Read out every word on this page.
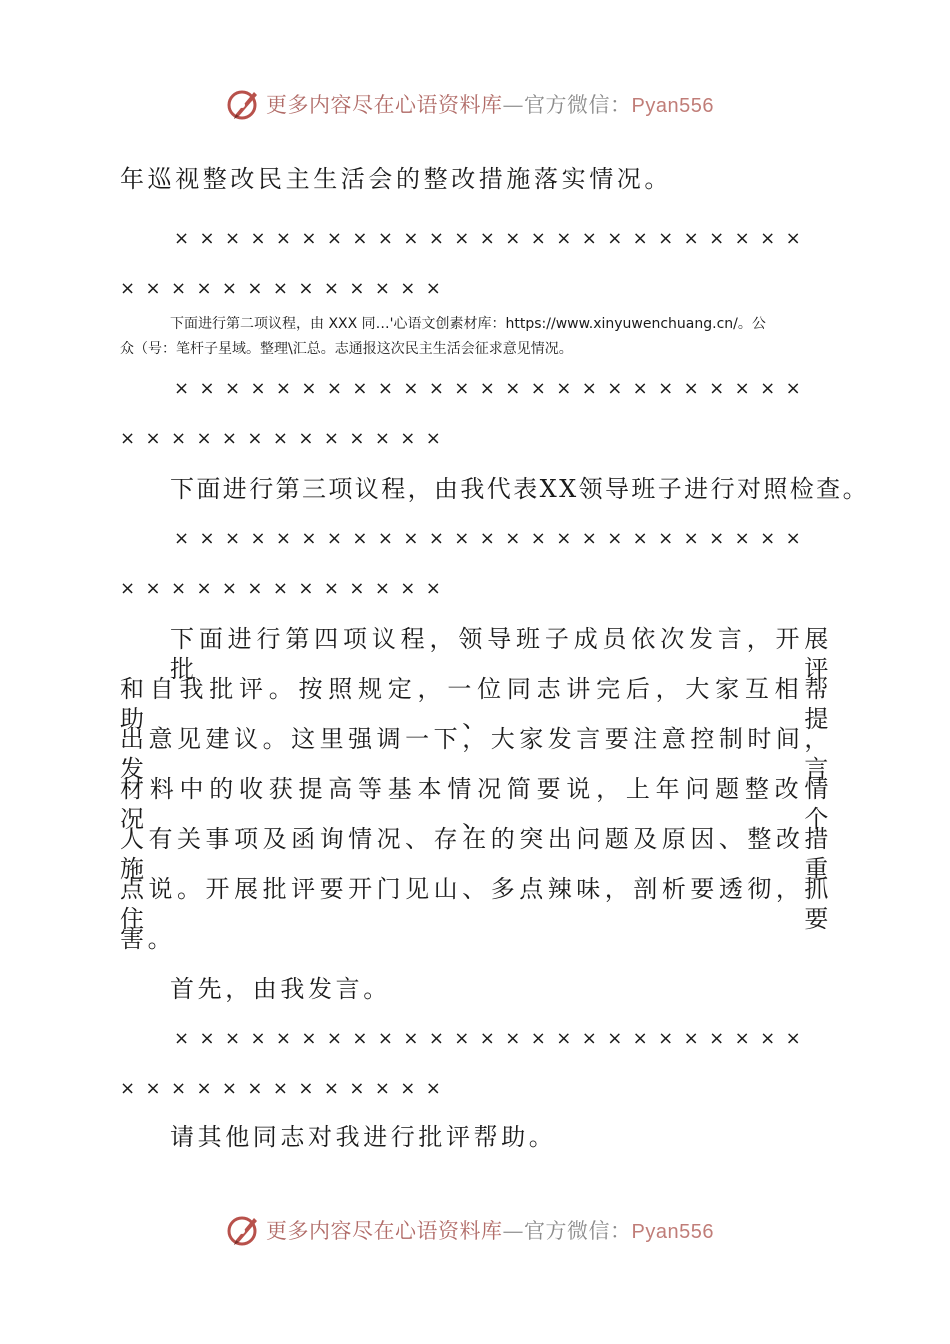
更多内容尽在心语资料库—官方微信：Pyan556
年巡视整改民主生活会的整改措施落实情况。
×××××××××××××××××××××××××
×××××××××××××
下面进行第二项议程，由 XXX 同…'心语文创素材库：https://www.xinyuwenchuang.cn/。公
众（号：笔杆子星域。整理\汇总。志通报这次民主生活会征求意见情况。
×××××××××××××××××××××××××
×××××××××××××
下面进行第三项议程，由我代表XX领导班子进行对照检查。
×××××××××××××××××××××××××
×××××××××××××
下面进行第四项议程，领导班子成员依次发言，开展批评
和自我批评。按照规定，一位同志讲完后，大家互相帮助、提
出意见建议。这里强调一下，大家发言要注意控制时间，发言
材料中的收获提高等基本情况简要说，上年问题整改情况、个
人有关事项及函询情况、存在的突出问题及原因、整改措施重
点说。开展批评要开门见山、多点辣味，剖析要透彻，抓住要
害。
首先，由我发言。
×××××××××××××××××××××××××
×××××××××××××
请其他同志对我进行批评帮助。
更多内容尽在心语资料库—官方微信：Pyan556
